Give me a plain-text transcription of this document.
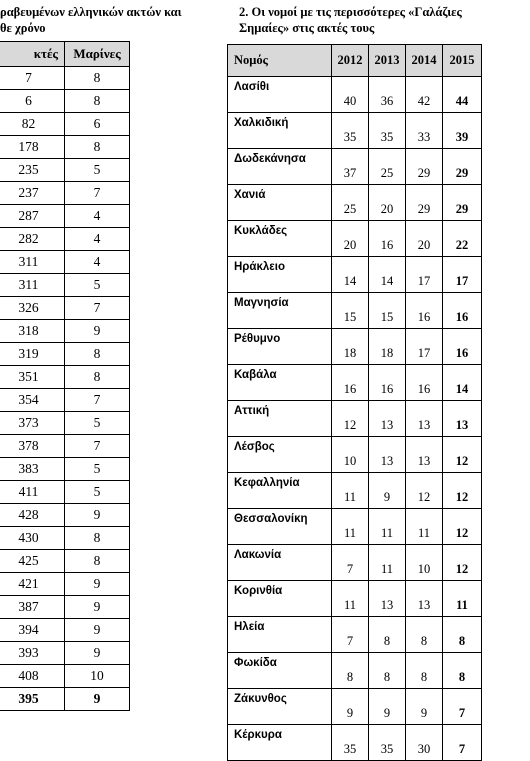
ραβευμένων ελληνικών ακτών και
θε χρόνο
2. Οι νομοί με τις περισσότερες «Γαλάζιες
Σημαίες» στις ακτές τους
κτές	Μαρίνες
7	8
6	8
82	6
178	8
235	5
237	7
287	4
282	4
311	4
311	5
326	7
318	9
319	8
351	8
354	7
373	5
378	7
383	5
411	5
428	9
430	8
425	8
421	9
387	9
394	9
393	9
408	10
395	9
Νομός	2012	2013	2014	2015
Λασίθι	40	36	42	44
Χαλκιδική	35	35	33	39
Δωδεκάνησα	37	25	29	29
Χανιά	25	20	29	29
Κυκλάδες	20	16	20	22
Ηράκλειο	14	14	17	17
Μαγνησία	15	15	16	16
Ρέθυμνο	18	18	17	16
Καβάλα	16	16	16	14
Αττική	12	13	13	13
Λέσβος	10	13	13	12
Κεφαλληνία	11	9	12	12
Θεσσαλονίκη	11	11	11	12
Λακωνία	7	11	10	12
Κορινθία	11	13	13	11
Ηλεία	7	8	8	8
Φωκίδα	8	8	8	8
Ζάκυνθος	9	9	9	7
Κέρκυρα	35	35	30	7
